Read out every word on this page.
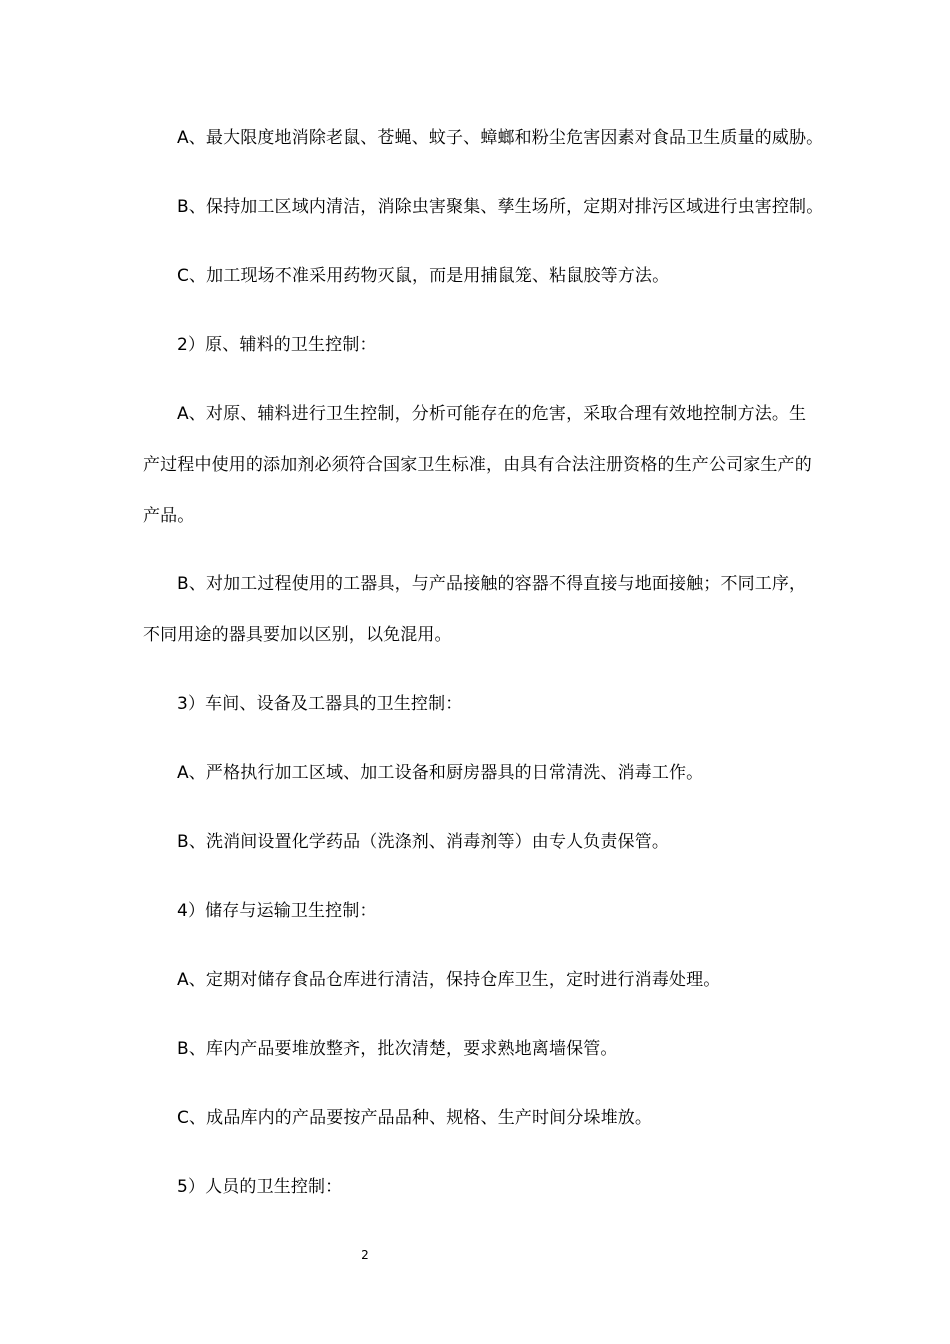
A、最大限度地消除老鼠、苍蝇、蚊子、蟑螂和粉尘危害因素对食品卫生质量的威胁。
B、保持加工区域内清洁，消除虫害聚集、孳生场所，定期对排污区域进行虫害控制。
C、加工现场不准采用药物灭鼠，而是用捕鼠笼、粘鼠胶等方法。
2）原、辅料的卫生控制：
A、对原、辅料进行卫生控制，分析可能存在的危害，采取合理有效地控制方法。生
产过程中使用的添加剂必须符合国家卫生标准，由具有合法注册资格的生产公司家生产的
产品。
B、对加工过程使用的工器具，与产品接触的容器不得直接与地面接触；不同工序，
不同用途的器具要加以区别，以免混用。
3）车间、设备及工器具的卫生控制：
A、严格执行加工区域、加工设备和厨房器具的日常清洗、消毒工作。
B、洗消间设置化学药品（洗涤剂、消毒剂等）由专人负责保管。
4）储存与运输卫生控制：
A、定期对储存食品仓库进行清洁，保持仓库卫生，定时进行消毒处理。
B、库内产品要堆放整齐，批次清楚，要求熟地离墙保管。
C、成品库内的产品要按产品品种、规格、生产时间分垛堆放。
5）人员的卫生控制：
2
